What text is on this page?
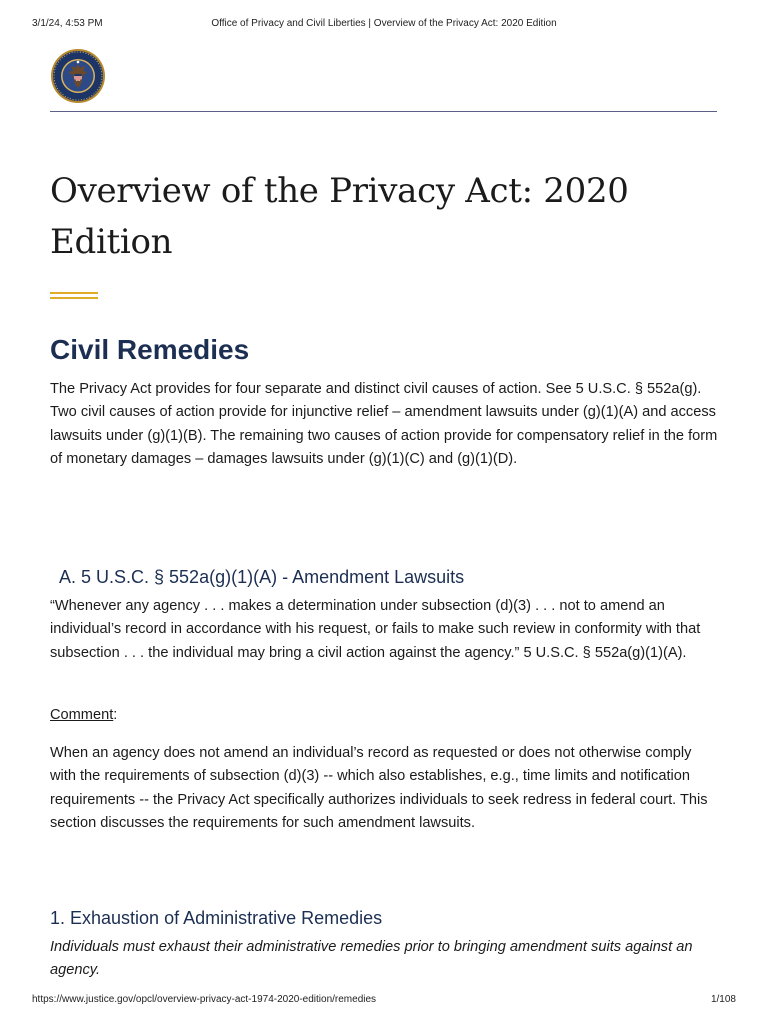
3/1/24, 4:53 PM	Office of Privacy and Civil Liberties | Overview of the Privacy Act: 2020 Edition
Overview of the Privacy Act: 2020 Edition
Civil Remedies

The Privacy Act provides for four separate and distinct civil causes of action. See 5 U.S.C. § 552a(g). Two civil causes of action provide for injunctive relief – amendment lawsuits under (g)(1)(A) and access lawsuits under (g)(1)(B). The remaining two causes of action provide for compensatory relief in the form of monetary damages – damages lawsuits under (g)(1)(C) and (g)(1)(D).

A. 5 U.S.C. § 552a(g)(1)(A) - Amendment Lawsuits

“Whenever any agency . . . makes a determination under subsection (d)(3) . . . not to amend an individual’s record in accordance with his request, or fails to make such review in conformity with that subsection . . . the individual may bring a civil action against the agency.” 5 U.S.C. § 552a(g)(1)(A).

Comment:

When an agency does not amend an individual’s record as requested or does not otherwise comply with the requirements of subsection (d)(3) -- which also establishes, e.g., time limits and notification requirements -- the Privacy Act specifically authorizes individuals to seek redress in federal court. This section discusses the requirements for such amendment lawsuits.

1. Exhaustion of Administrative Remedies

Individuals must exhaust their administrative remedies prior to bringing amendment suits against an agency.

https://www.justice.gov/opcl/overview-privacy-act-1974-2020-edition/remedies	1/108
